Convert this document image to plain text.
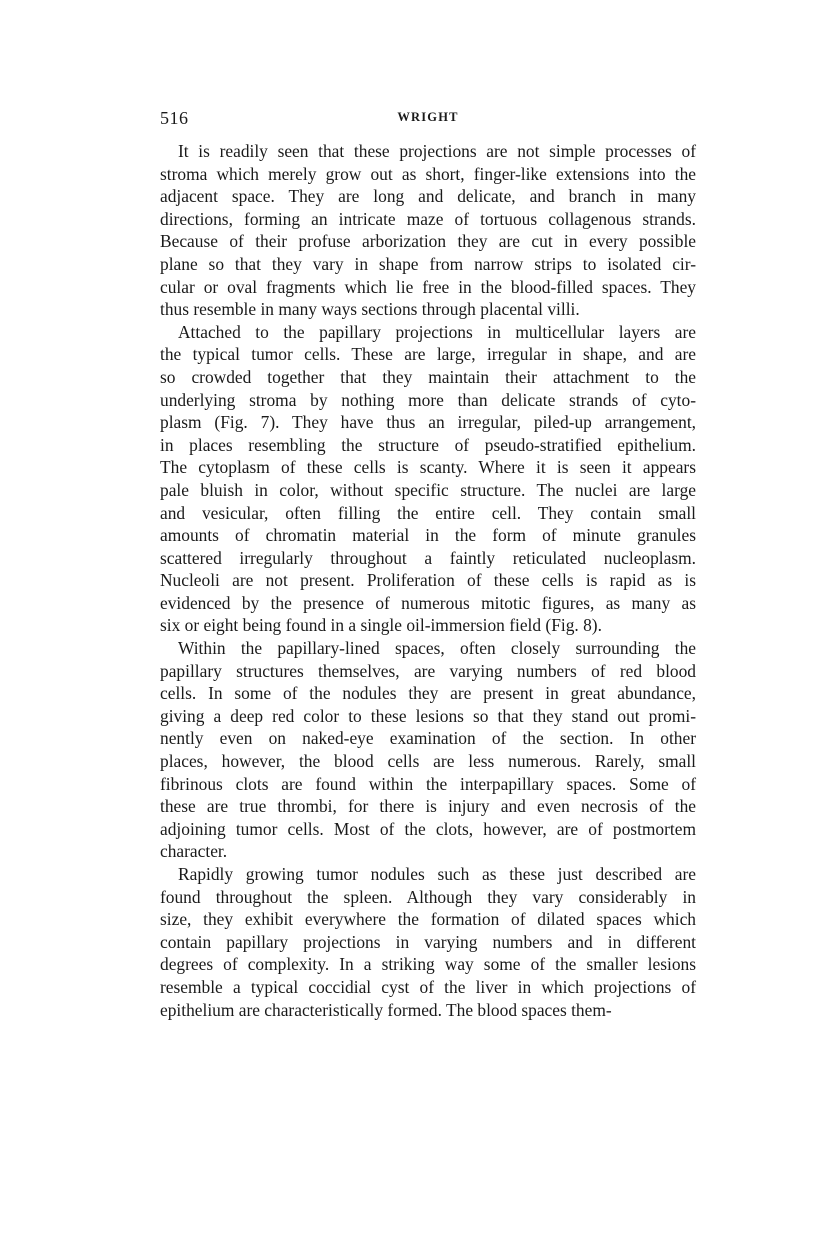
516	WRIGHT
It is readily seen that these projections are not simple processes of
stroma which merely grow out as short, finger-like extensions into the
adjacent space. They are long and delicate, and branch in many
directions, forming an intricate maze of tortuous collagenous strands.
Because of their profuse arborization they are cut in every possible
plane so that they vary in shape from narrow strips to isolated cir-
cular or oval fragments which lie free in the blood-filled spaces. They
thus resemble in many ways sections through placental villi.
Attached to the papillary projections in multicellular layers are
the typical tumor cells. These are large, irregular in shape, and are
so crowded together that they maintain their attachment to the
underlying stroma by nothing more than delicate strands of cyto-
plasm (Fig. 7). They have thus an irregular, piled-up arrangement,
in places resembling the structure of pseudo-stratified epithelium.
The cytoplasm of these cells is scanty. Where it is seen it appears
pale bluish in color, without specific structure. The nuclei are large
and vesicular, often filling the entire cell. They contain small
amounts of chromatin material in the form of minute granules
scattered irregularly throughout a faintly reticulated nucleoplasm.
Nucleoli are not present. Proliferation of these cells is rapid as is
evidenced by the presence of numerous mitotic figures, as many as
six or eight being found in a single oil-immersion field (Fig. 8).
Within the papillary-lined spaces, often closely surrounding the
papillary structures themselves, are varying numbers of red blood
cells. In some of the nodules they are present in great abundance,
giving a deep red color to these lesions so that they stand out promi-
nently even on naked-eye examination of the section. In other
places, however, the blood cells are less numerous. Rarely, small
fibrinous clots are found within the interpapillary spaces. Some of
these are true thrombi, for there is injury and even necrosis of the
adjoining tumor cells. Most of the clots, however, are of postmortem
character.
Rapidly growing tumor nodules such as these just described are
found throughout the spleen. Although they vary considerably in
size, they exhibit everywhere the formation of dilated spaces which
contain papillary projections in varying numbers and in different
degrees of complexity. In a striking way some of the smaller lesions
resemble a typical coccidial cyst of the liver in which projections of
epithelium are characteristically formed. The blood spaces them-
